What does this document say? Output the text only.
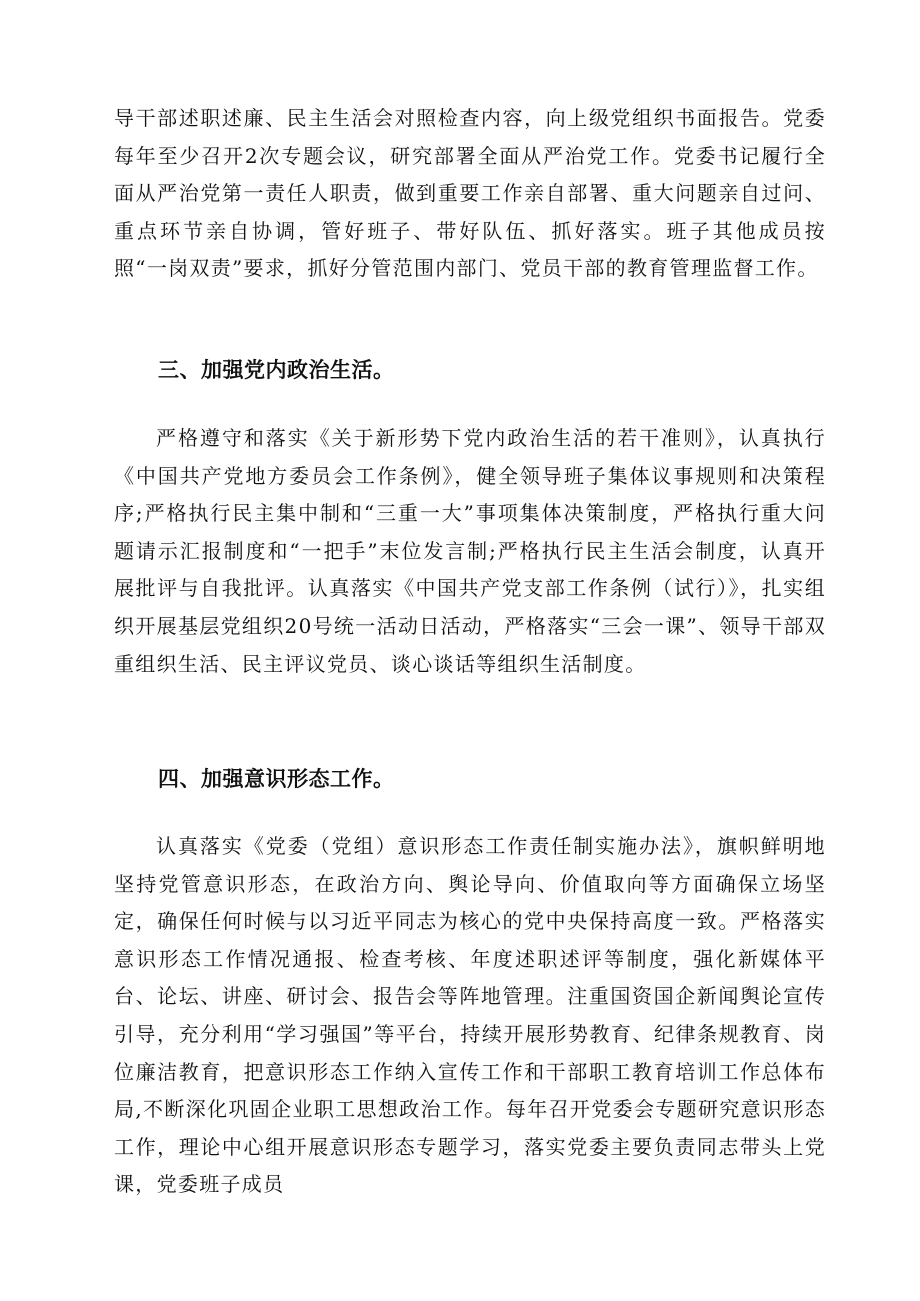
导干部述职述廉、民主生活会对照检查内容，向上级党组织书面报告。党委每年至少召开2次专题会议，研究部署全面从严治党工作。党委书记履行全面从严治党第一责任人职责，做到重要工作亲自部署、重大问题亲自过问、重点环节亲自协调，管好班子、带好队伍、抓好落实。班子其他成员按照“一岗双责”要求，抓好分管范围内部门、党员干部的教育管理监督工作。

三、加强党内政治生活。

严格遵守和落实《关于新形势下党内政治生活的若干准则》，认真执行《中国共产党地方委员会工作条例》，健全领导班子集体议事规则和决策程序;严格执行民主集中制和“三重一大”事项集体决策制度，严格执行重大问题请示汇报制度和“一把手”末位发言制;严格执行民主生活会制度，认真开展批评与自我批评。认真落实《中国共产党支部工作条例（试行）》，扎实组织开展基层党组织20号统一活动日活动，严格落实“三会一课”、领导干部双重组织生活、民主评议党员、谈心谈话等组织生活制度。

四、加强意识形态工作。

认真落实《党委（党组）意识形态工作责任制实施办法》，旗帜鲜明地坚持党管意识形态，在政治方向、舆论导向、价值取向等方面确保立场坚定，确保任何时候与以习近平同志为核心的党中央保持高度一致。严格落实意识形态工作情况通报、检查考核、年度述职述评等制度，强化新媒体平台、论坛、讲座、研讨会、报告会等阵地管理。注重国资国企新闻舆论宣传引导，充分利用“学习强国”等平台，持续开展形势教育、纪律条规教育、岗位廉洁教育，把意识形态工作纳入宣传工作和干部职工教育培训工作总体布局,不断深化巩固企业职工思想政治工作。每年召开党委会专题研究意识形态工作，理论中心组开展意识形态专题学习，落实党委主要负责同志带头上党课，党委班子成员
